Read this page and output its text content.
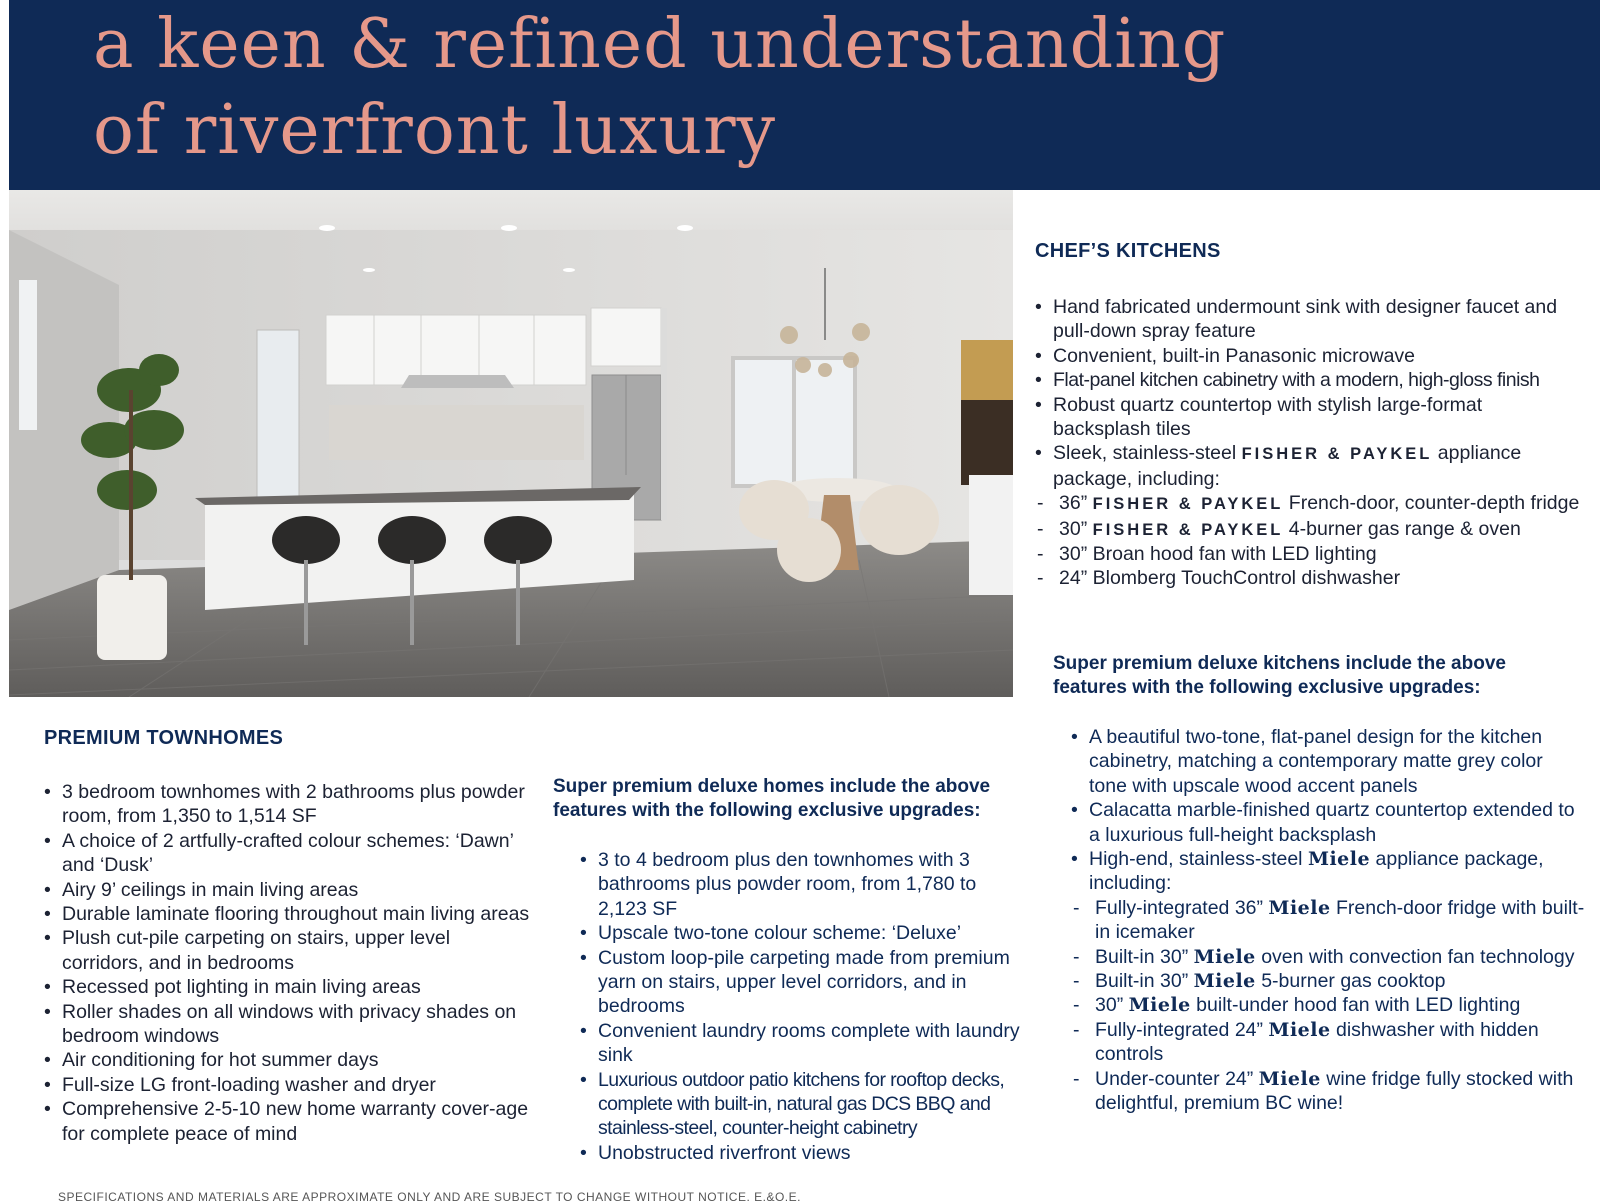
a keen & refined understanding
of riverfront luxury
CHEF’S KITCHENS
• Hand fabricated undermount sink with designer faucet and pull-down spray feature
• Convenient, built-in Panasonic microwave
• Flat-panel kitchen cabinetry with a modern, high-gloss finish
• Robust quartz countertop with stylish large-format backsplash tiles
• Sleek, stainless-steel FISHER & PAYKEL appliance package, including:
- 36” FISHER & PAYKEL French-door, counter-depth fridge
- 30” FISHER & PAYKEL 4-burner gas range & oven
- 30” Broan hood fan with LED lighting
- 24” Blomberg TouchControl dishwasher

Super premium deluxe kitchens include the above features with the following exclusive upgrades:

• A beautiful two-tone, flat-panel design for the kitchen cabinetry, matching a contemporary matte grey color tone with upscale wood accent panels
• Calacatta marble-finished quartz countertop extended to a luxurious full-height backsplash
• High-end, stainless-steel Miele appliance package, including:
- Fully-integrated 36” Miele French-door fridge with built-in icemaker
- Built-in 30” Miele oven with convection fan technology
- Built-in 30” Miele 5-burner gas cooktop
- 30” Miele built-under hood fan with LED lighting
- Fully-integrated 24” Miele dishwasher with hidden controls
- Under-counter 24” Miele wine fridge fully stocked with delightful, premium BC wine!
PREMIUM TOWNHOMES
• 3 bedroom townhomes with 2 bathrooms plus powder room, from 1,350 to 1,514 SF
• A choice of 2 artfully-crafted colour schemes: ‘Dawn’ and ‘Dusk’
• Airy 9’ ceilings in main living areas
• Durable laminate flooring throughout main living areas
• Plush cut-pile carpeting on stairs, upper level corridors, and in bedrooms
• Recessed pot lighting in main living areas
• Roller shades on all windows with privacy shades on bedroom windows
• Air conditioning for hot summer days
• Full-size LG front-loading washer and dryer
• Comprehensive 2-5-10 new home warranty cover-age for complete peace of mind

Super premium deluxe homes include the above features with the following exclusive upgrades:

• 3 to 4 bedroom plus den townhomes with 3 bathrooms plus powder room, from 1,780 to 2,123 SF
• Upscale two-tone colour scheme: ‘Deluxe’
• Custom loop-pile carpeting made from premium yarn on stairs, upper level corridors, and in bedrooms
• Convenient laundry rooms complete with laundry sink
• Luxurious outdoor patio kitchens for rooftop decks, complete with built-in, natural gas DCS BBQ and stainless-steel, counter-height cabinetry
• Unobstructed riverfront views
SPECIFICATIONS AND MATERIALS ARE APPROXIMATE ONLY AND ARE SUBJECT TO CHANGE WITHOUT NOTICE. E.&O.E.
